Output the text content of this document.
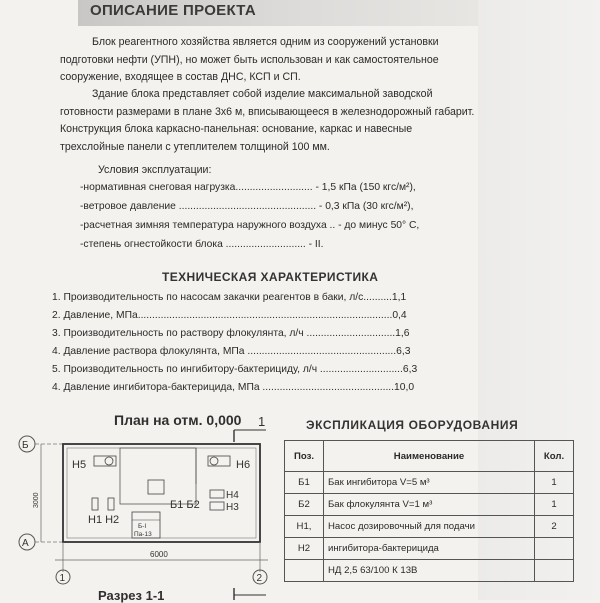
ОПИСАНИЕ ПРОЕКТА
Блок реагентного хозяйства является одним из сооружений установки
подготовки нефти (УПН), но может быть использован и как самостоятельное
сооружение, входящее в состав ДНС, КСП и СП.
Здание блока представляет собой изделие максимальной заводской
готовности размерами в плане 3х6 м, вписывающееся в железнодорожный габарит.
Конструкция блока каркасно-панельная: основание, каркас и навесные
трехслойные панели с утеплителем толщиной 100 мм.
Условия эксплуатации:
-нормативная снеговая нагрузка........................... - 1,5 кПа (150 кгс/м²),
-ветровое давление ................................................ - 0,3 кПа (30 кгс/м²),
-расчетная зимняя температура наружного воздуха .. - до минус 50° С,
-степень огнестойкости блока ............................ - II.
ТЕХНИЧЕСКАЯ ХАРАКТЕРИСТИКА
1. Производительность по насосам закачки реагентов в баки, л/с..........1,1
2. Давление, МПа.........................................................................................0,4
3. Производительность по раствору флокулянта, л/ч ...............................1,6
4. Давление раствора флокулянта, МПа ....................................................6,3
5. Производительность по ингибитору-бактерициду, л/ч .............................6,3
4. Давление ингибитора-бактерицида, МПа ..............................................10,0
План на отм. 0,000
Разрез 1-1
1
Б
А
3000
Н5	Н6
Н4
Н3
Н1 Н2
Б1 Б2
Б-I
Па-13
6000
1	2
ЭКСПЛИКАЦИЯ ОБОРУДОВАНИЯ
Поз.	Наименование	Кол.
Б1	Бак ингибитора V=5 м³	1
Б2	Бак флокулянта V=1 м³	1
Н1,	Насос дозировочный для подачи	2
Н2	ингибитора-бактерицида	
	НД 2,5 63/100 К 13В	
